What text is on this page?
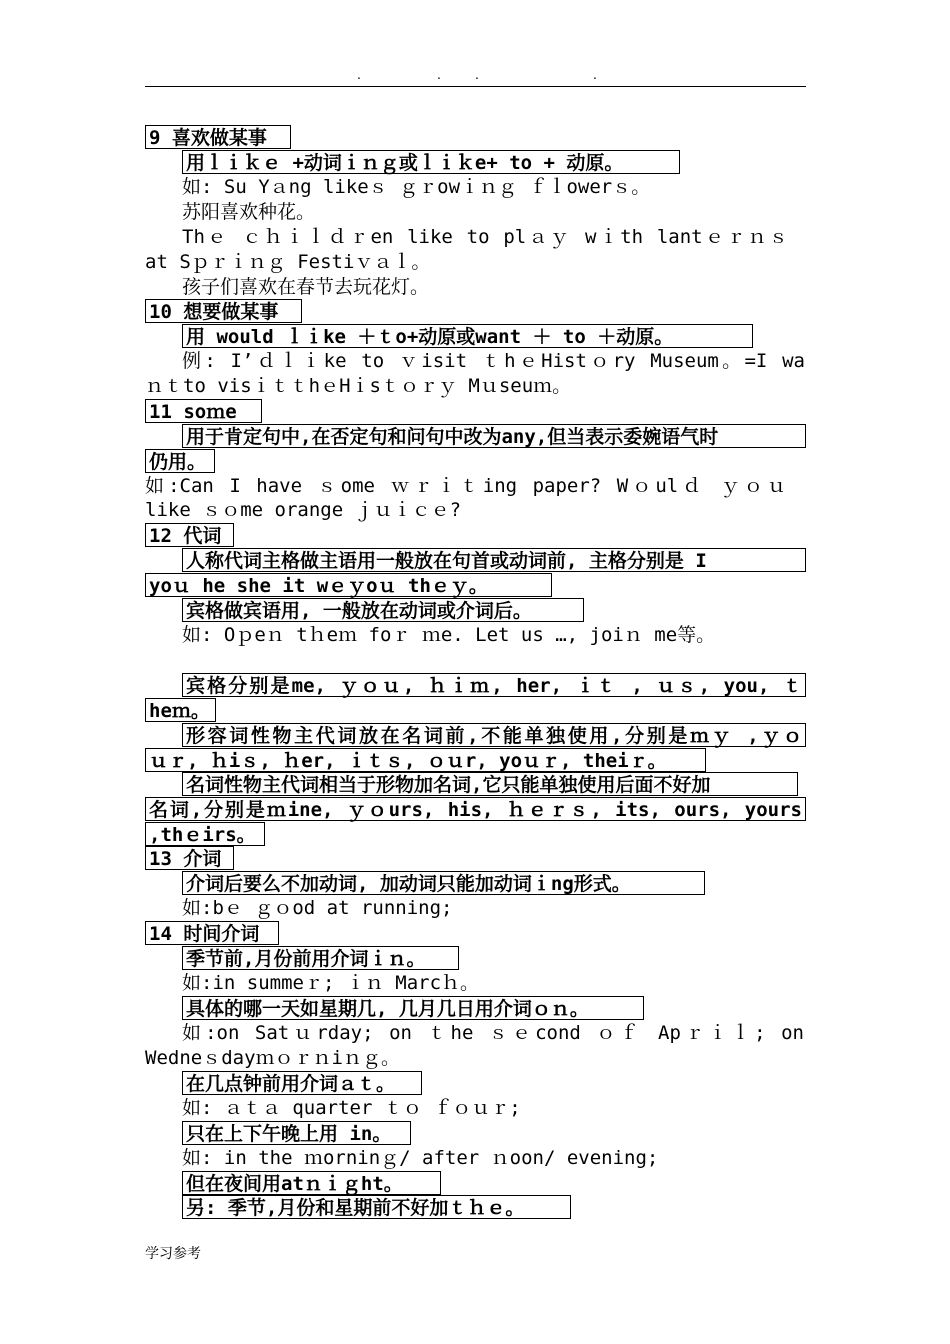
.	. .	.
9 喜欢做某事
用ｌｉｋｅ +动词ｉｎｇ或ｌｉｋe+ to + 动原。
如: Su Yａng likeｓ ｇｒowｉｎｇ ｆｌowerｓ。
苏阳喜欢种花。
Thｅ ｃｈｉｌｄｒen like to plａｙ wｉth lantｅｒｎｓ
at Sｐｒｉｎｇ Festiｖａｌ。
孩子们喜欢在春节去玩花灯。
10 想要做某事
用 would ｌｉke ＋ｔo+动原或want ＋ to ＋动原。
例: I’ｄｌｉke to ｖisit ｔhｅHistｏry Museum。=I wa
ｎｔto visｉｔｔhｅHｉsｔｏｒｙ Mｕseuｍ。
11 soｍe
用于肯定句中,在否定句和问句中改为any,但当表示委婉语气时
仍用。
如:Can I have ｓome ｗｒｉｔing paper? Wｏulｄ ｙｏｕ
like ｓｏme orange ｊｕｉｃｅ?
12 代词
人称代词主格做主语用一般放在句首或动词前, 主格分别是 I
yoｕ he she it wｅｙoｕ thｅｙ。
宾格做宾语用, 一般放在动词或介词后。
如: Oｐeｎ tｈeｍ foｒ ｍe. Let us …, joiｎ me等。
宾格分别是me, ｙｏｕ, ｈｉｍ, her, ｉｔ , ｕｓ, you, ｔ
heｍ。
形容词性物主代词放在名词前,不能单独使用,分别是ｍｙ ,ｙｏ
ｕｒ, ｈiｓ, ｈer, ｉｔｓ, ｏｕr, yoｕｒ, theiｒ。
名词性物主代词相当于形物加名词,它只能单独使用后面不好加
名词,分别是ｍine, ｙｏurs, his, ｈｅｒｓ, its, ours, yours
,thｅirs。
13 介词
介词后要么不加动词, 加动词只能加动词ｉng形式。
如:bｅ ｇｏod at running;
14 时间介词
季节前,月份前用介词ｉｎ。
如:in summeｒ; ｉｎ Marcｈ。
具体的哪一天如星期几, 几月几日用介词ｏｎ。
如:on Satｕrday; on ｔhe ｓｅcond ｏｆ Apｒｉｌ; on
Wedneｓdayｍｏｒｎiｎｇ。
在几点钟前用介词ａｔ。
如: ａｔａ quarter ｔｏ ｆｏｕｒ;
只在上下午晚上用 in。
如: in the ｍorninｇ/ after ｎoon/ evening;
但在夜间用atｎｉｇht。
另: 季节,月份和星期前不好加ｔｈｅ。
学习参考
